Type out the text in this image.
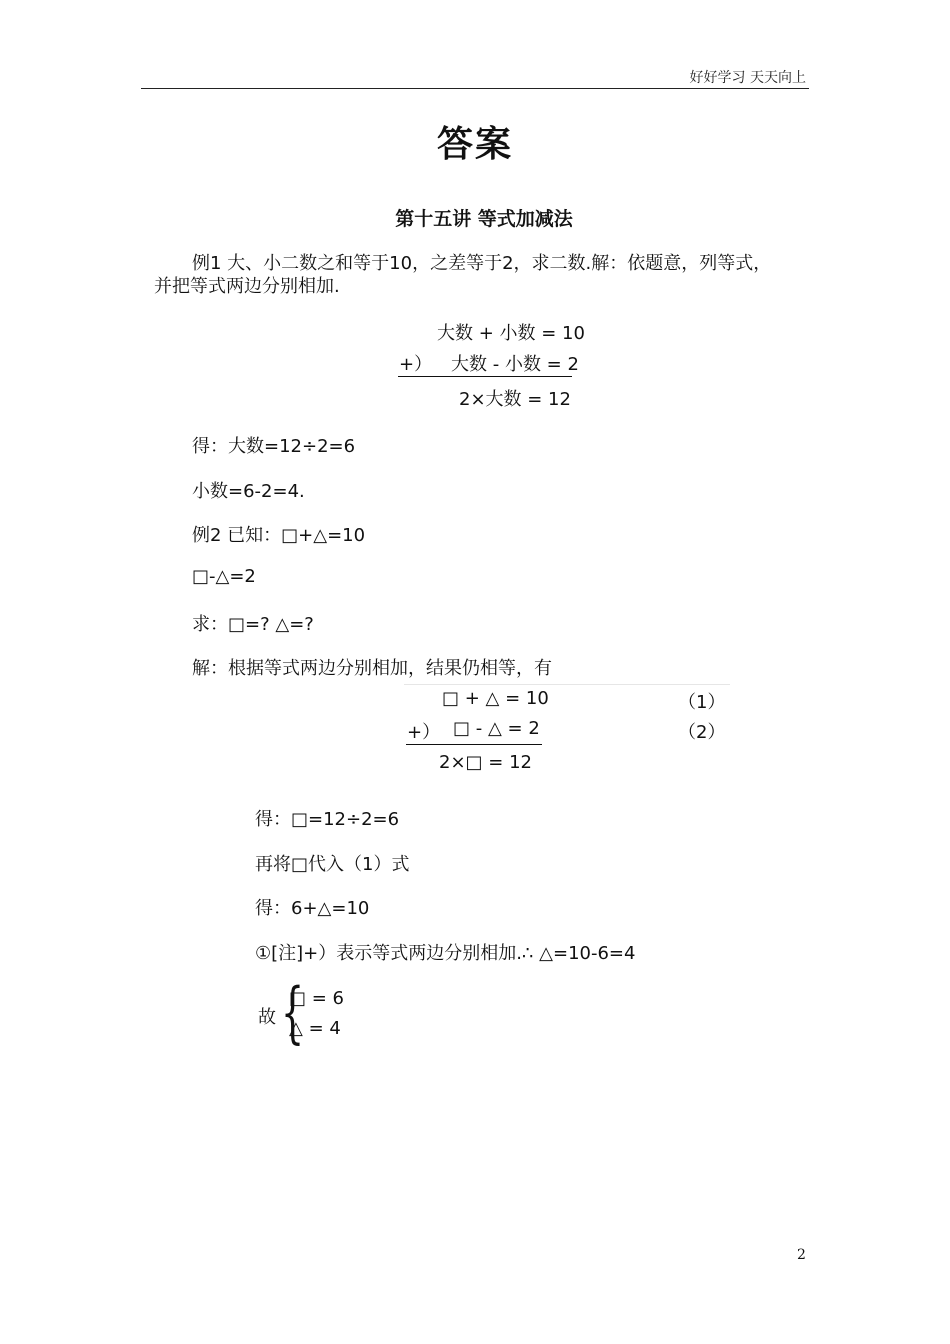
好好学习 天天向上
答案
第十五讲 等式加减法
例1 大、小二数之和等于10，之差等于2，求二数.解：依题意，列等式，
并把等式两边分别相加.
大数 + 小数 = 10
+） 大数 - 小数 = 2
2×大数 = 12
得：大数=12÷2=6
小数=6-2=4.
例2 已知：□+△=10
□-△=2
求：□=? △=?
解：根据等式两边分别相加，结果仍相等，有
□ + △ = 10	（1）
+） □ - △ = 2	（2）
2×□ = 12
得：□=12÷2=6
再将□代入（1）式
得：6+△=10
①[注]+）表示等式两边分别相加.∴ △=10-6=4
故 {
□ = 6
△ = 4
2
